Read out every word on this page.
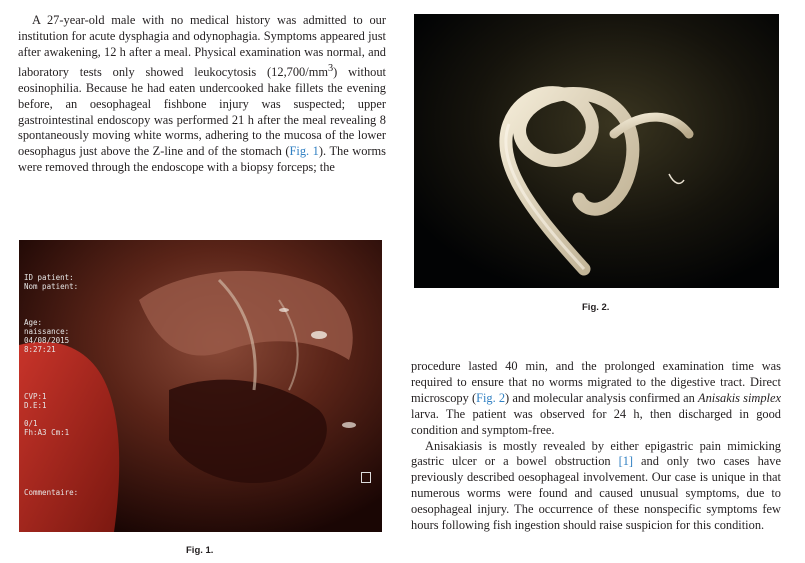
A 27-year-old male with no medical history was admitted to our institution for acute dysphagia and odynophagia. Symptoms appeared just after awakening, 12 h after a meal. Physical examination was normal, and laboratory tests only showed leukocytosis $(12,700/mm^3)$ without eosinophilia. Because he had eaten undercooked hake fillets the evening before, an oesophageal fishbone injury was suspected; upper gastrointestinal endoscopy was performed 21 h after the meal revealing 8 spontaneously moving white worms, adhering to the mucosa of the lower oesophagus just above the Z-line and of the stomach (Fig. 1). The worms were removed through the endoscope with a biopsy forceps; the

ID patient:
Nom patient:
Age:
naissance:
04/08/2015
8:27:21
CVP:1
D.E:1

0/1
Fh:A3 Cm:1
Commentaire:
Fig. 1.
Fig. 2.

procedure lasted 40 min, and the prolonged examination time was required to ensure that no worms migrated to the digestive tract. Direct microscopy (Fig. 2) and molecular analysis confirmed an Anisakis simplex larva. The patient was observed for 24 h, then discharged in good condition and symptom-free.

Anisakiasis is mostly revealed by either epigastric pain mimicking gastric ulcer or a bowel obstruction [1] and only two cases have previously described oesophageal involvement. Our case is unique in that numerous worms were found and caused unusual symptoms, due to oesophageal injury. The occurrence of these nonspecific symptoms few hours following fish ingestion should raise suspicion for this condition.
